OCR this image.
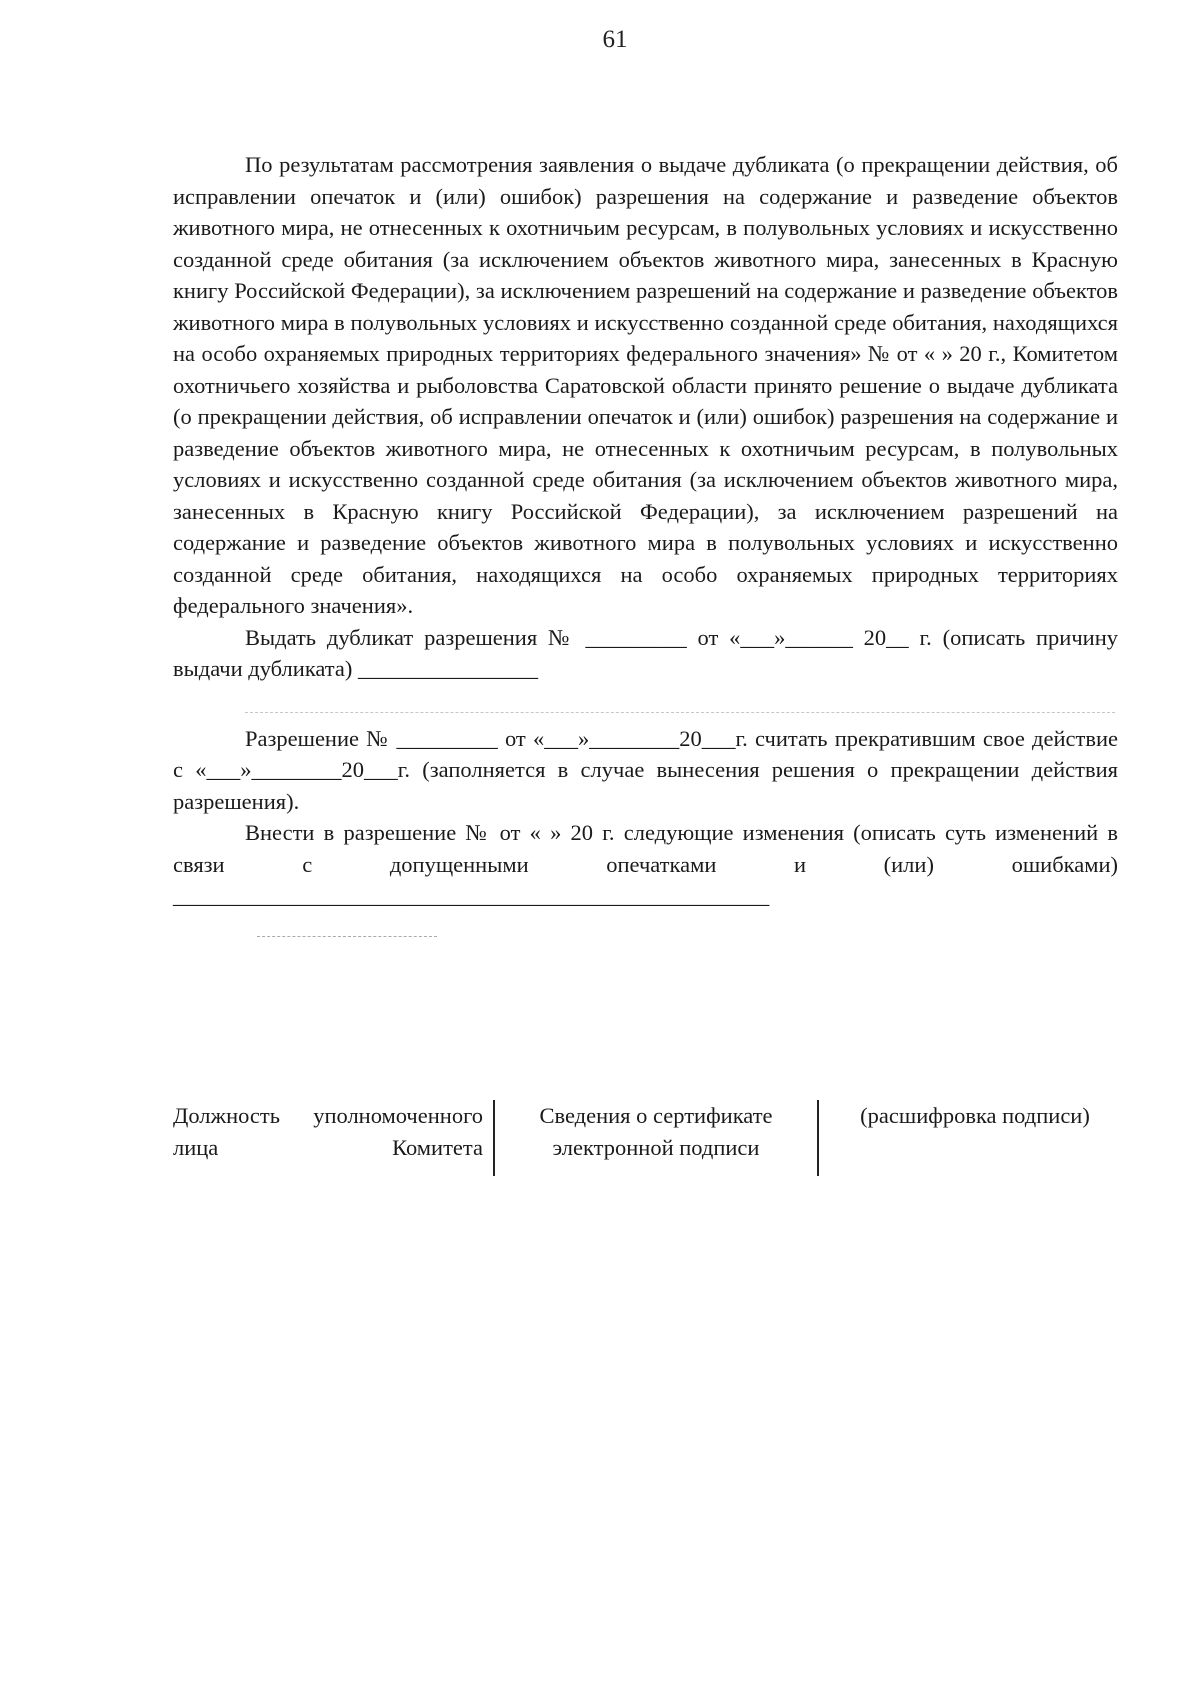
61

По результатам рассмотрения заявления о выдаче дубликата (о прекращении действия, об исправлении опечаток и (или) ошибок) разрешения на содержание и разведение объектов животного мира, не отнесенных к охотничьим ресурсам, в полувольных условиях и искусственно созданной среде обитания (за исключением объектов животного мира, занесенных в Красную книгу Российской Федерации), за исключением разрешений на содержание и разведение объектов животного мира в полувольных условиях и искусственно созданной среде обитания, находящихся на особо охраняемых природных территориях федерального значения» № от « » 20 г., Комитетом охотничьего хозяйства и рыболовства Саратовской области принято решение о выдаче дубликата (о прекращении действия, об исправлении опечаток и (или) ошибок) разрешения на содержание и разведение объектов животного мира, не отнесенных к охотничьим ресурсам, в полувольных условиях и искусственно созданной среде обитания (за исключением объектов животного мира, занесенных в Красную книгу Российской Федерации), за исключением разрешений на содержание и разведение объектов животного мира в полувольных условиях и искусственно созданной среде обитания, находящихся на особо охраняемых природных территориях федерального значения».

Выдать дубликат разрешения № _________ от «___»______ 20__ г. (описать причину выдачи дубликата) ________________

Разрешение № _________ от «___»________20___г. считать прекратившим свое действие с «___»________20___г. (заполняется в случае вынесения решения о прекращении действия разрешения).

Внести в разрешение № от « » 20 г. следующие изменения (описать суть изменений в связи с допущенными опечатками и (или) ошибками) _____________________________________________________

Должность уполномоченного лица Комитета	Сведения о сертификате электронной подписи	(расшифровка подписи)
